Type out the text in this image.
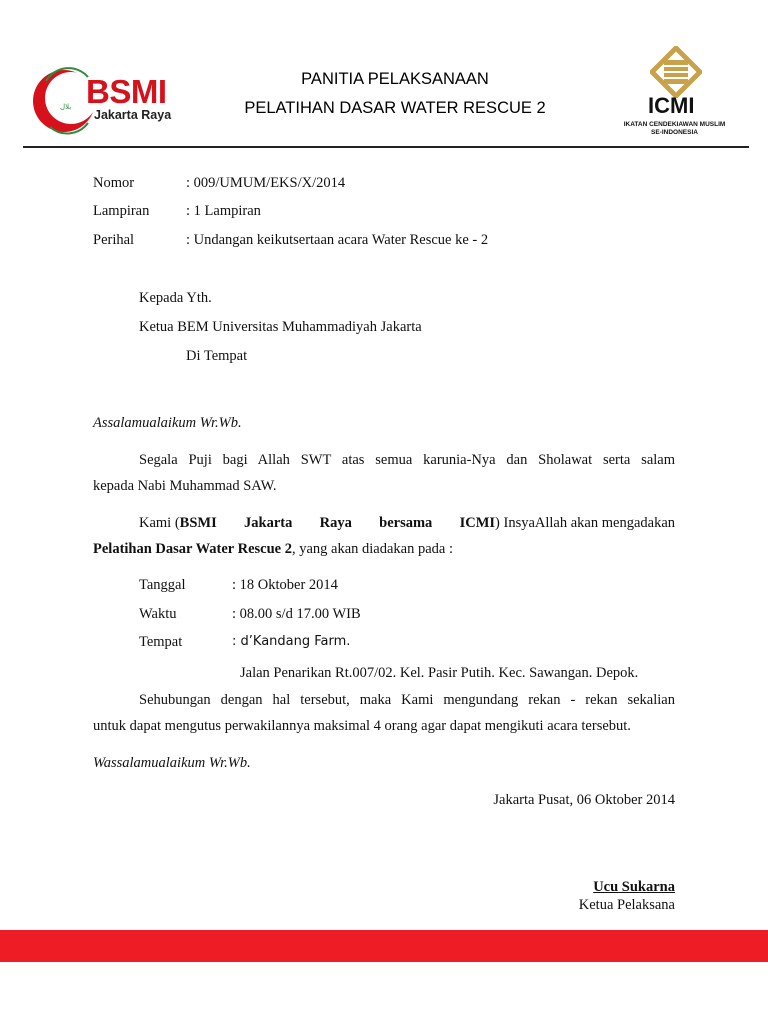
ﺑﻠﺎﻝ BSMI
Jakarta Raya
PANITIA PELAKSANAAN
PELATIHAN DASAR WATER RESCUE 2	ICMI
IKATAN CENDEKIAWAN MUSLIM
SE-INDONESIA
Nomor	: 009/UMUM/EKS/X/2014
Lampiran	: 1 Lampiran
Perihal	: Undangan keikutsertaan acara Water Rescue ke - 2
Kepada Yth.
Ketua BEM Universitas Muhammadiyah Jakarta
Di Tempat
Assalamualaikum Wr.Wb.
Segala Puji bagi Allah SWT atas semua karunia-Nya dan Sholawat serta salam
kepada Nabi Muhammad SAW.
Kami ( BSMI Jakarta Raya bersama ICMI ) InsyaAllah akan mengadakan
Pelatihan Dasar Water Rescue 2, yang akan diadakan pada :
Tanggal	: 18 Oktober 2014
Waktu	: 08.00 s/d 17.00 WIB
Tempat	: d’Kandang Farm.
Jalan Penarikan Rt.007/02. Kel. Pasir Putih. Kec. Sawangan. Depok.
Sehubungan dengan hal tersebut, maka Kami mengundang rekan - rekan sekalian
untuk dapat mengutus perwakilannya maksimal 4 orang agar dapat mengikuti acara tersebut.
Wassalamualaikum Wr.Wb.
Jakarta Pusat, 06 Oktober 2014
Ucu Sukarna
Ketua Pelaksana
